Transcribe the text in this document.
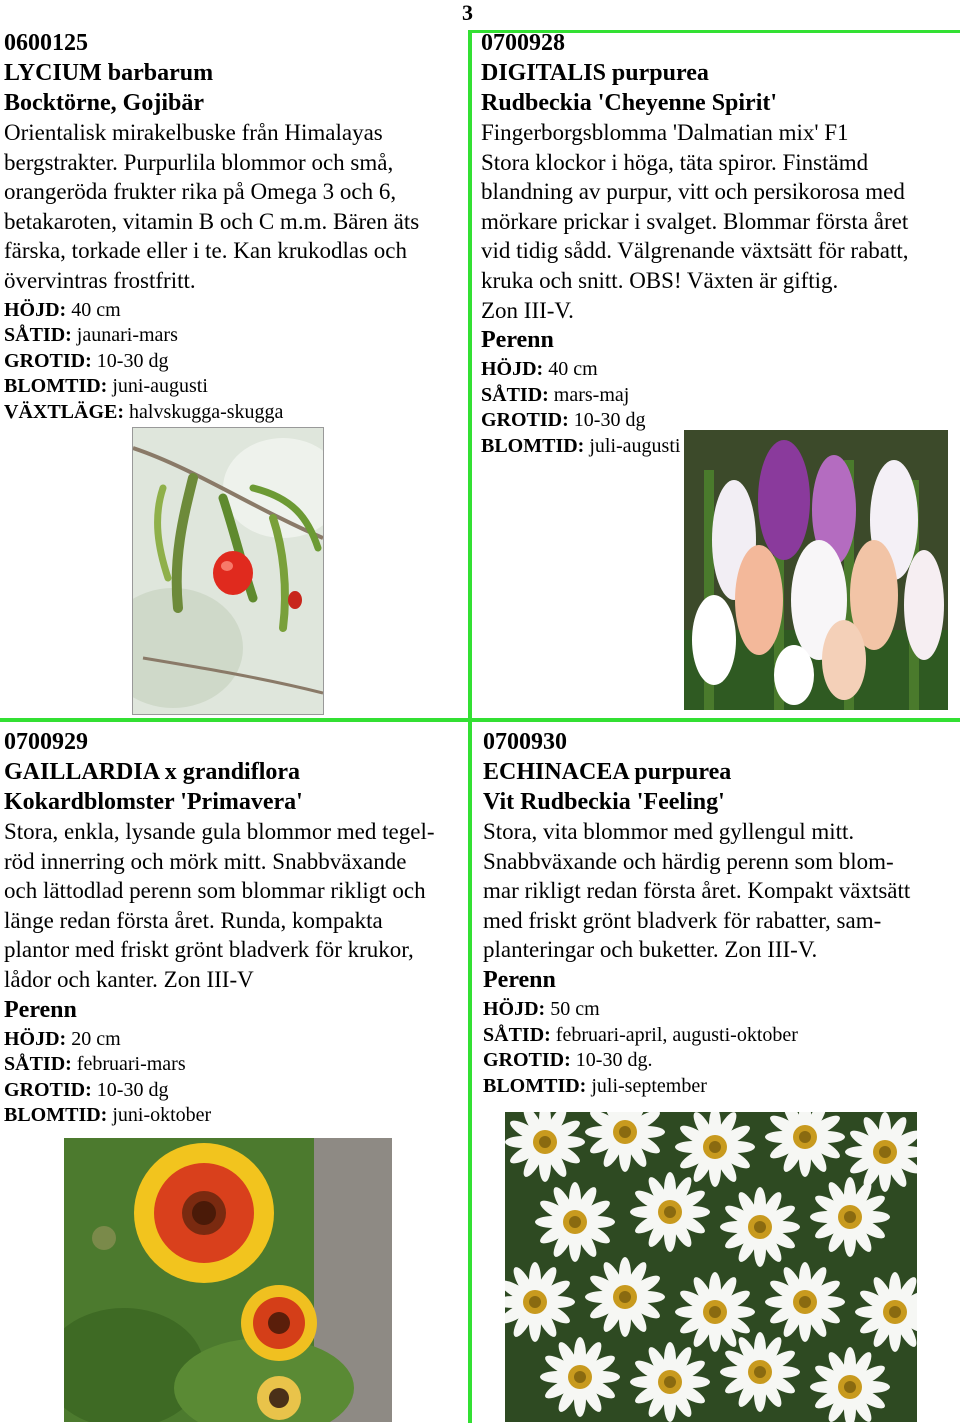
3
0600125
LYCIUM barbarum
Bocktörne, Gojibär
Orientalisk mirakelbuske från Himalayas
bergstrakter. Purpurlila blommor och små,
orangeröda frukter rika på Omega 3 och 6,
betakaroten, vitamin B och C m.m. Bären äts
färska, torkade eller i te. Kan krukodlas och
övervintras frostfritt.
HÖJD: 40 cm
SÅTID: jaunari-mars
GROTID: 10-30 dg
BLOMTID: juni-augusti
VÄXTLÄGE: halvskugga-skugga
0700928
DIGITALIS purpurea
Rudbeckia 'Cheyenne Spirit'
Fingerborgsblomma 'Dalmatian mix' F1
Stora klockor i höga, täta spiror. Finstämd
blandning av purpur, vitt och persikorosa med
mörkare prickar i svalget. Blommar första året
vid tidig sådd. Välgrenande växtsätt för rabatt,
kruka och snitt. OBS! Växten är giftig.
Zon III-V.
Perenn
HÖJD: 40 cm
SÅTID: mars-maj
GROTID: 10-30 dg
BLOMTID: juli-augusti
0700929
GAILLARDIA x grandiflora
Kokardblomster 'Primavera'
Stora, enkla, lysande gula blommor med tegel-
röd innerring och mörk mitt. Snabbväxande
och lättodlad perenn som blommar rikligt och
länge redan första året. Runda, kompakta
plantor med friskt grönt bladverk för krukor,
lådor och kanter. Zon III-V
Perenn
HÖJD: 20 cm
SÅTID: februari-mars
GROTID: 10-30 dg
BLOMTID: juni-oktober
0700930
ECHINACEA purpurea
Vit Rudbeckia 'Feeling'
Stora, vita blommor med gyllengul mitt.
Snabbväxande och härdig perenn som blom-
mar rikligt redan första året. Kompakt växtsätt
med friskt grönt bladverk för rabatter, sam-
planteringar och buketter. Zon III-V.
Perenn
HÖJD: 50 cm
SÅTID: februari-april, augusti-oktober
GROTID: 10-30 dg.
BLOMTID: juli-september
